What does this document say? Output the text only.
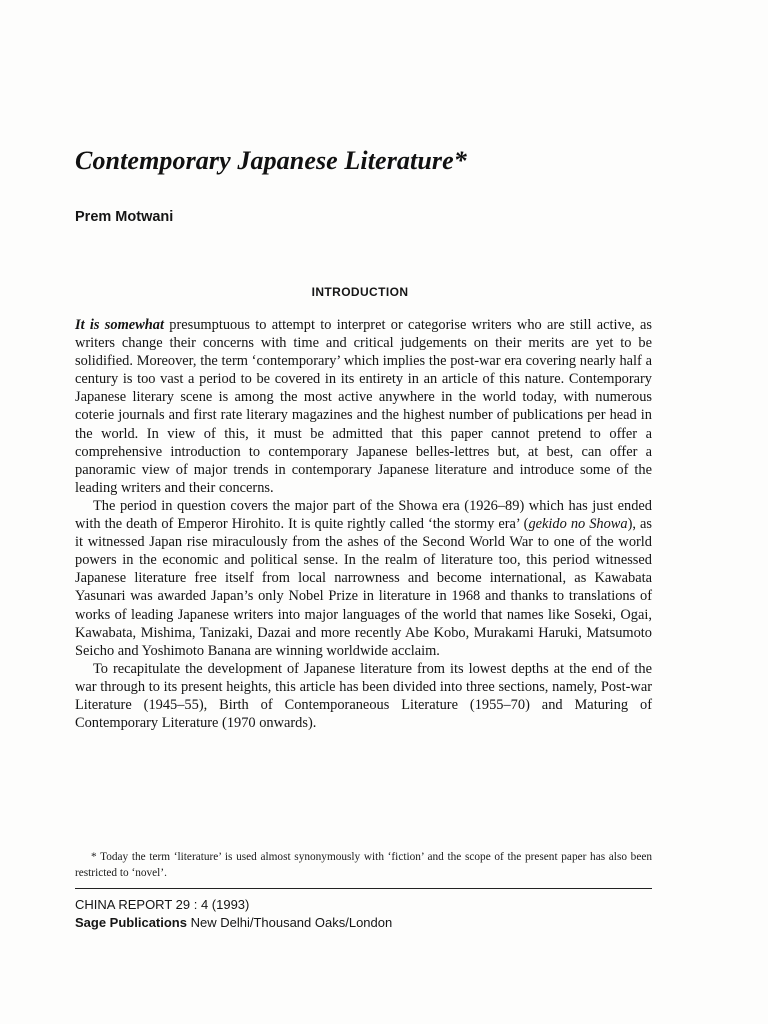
Contemporary Japanese Literature*

Prem Motwani

INTRODUCTION

It is somewhat presumptuous to attempt to interpret or categorise writers who are still active, as writers change their concerns with time and critical judgements on their merits are yet to be solidified. Moreover, the term ‘contemporary’ which implies the post-war era covering nearly half a century is too vast a period to be covered in its entirety in an article of this nature. Contemporary Japanese literary scene is among the most active anywhere in the world today, with numerous coterie journals and first rate literary magazines and the highest number of publications per head in the world. In view of this, it must be admitted that this paper cannot pretend to offer a comprehensive introduction to contemporary Japanese belles-lettres but, at best, can offer a panoramic view of major trends in contemporary Japanese literature and introduce some of the leading writers and their concerns.

The period in question covers the major part of the Showa era (1926–89) which has just ended with the death of Emperor Hirohito. It is quite rightly called ‘the stormy era’ (gekido no Showa), as it witnessed Japan rise miraculously from the ashes of the Second World War to one of the world powers in the economic and political sense. In the realm of literature too, this period witnessed Japanese literature free itself from local narrowness and become international, as Kawabata Yasunari was awarded Japan’s only Nobel Prize in literature in 1968 and thanks to translations of works of leading Japanese writers into major languages of the world that names like Soseki, Ogai, Kawabata, Mishima, Tanizaki, Dazai and more recently Abe Kobo, Murakami Haruki, Matsumoto Seicho and Yoshimoto Banana are winning worldwide acclaim.

To recapitulate the development of Japanese literature from its lowest depths at the end of the war through to its present heights, this article has been divided into three sections, namely, Post-war Literature (1945–55), Birth of Contemporaneous Literature (1955–70) and Maturing of Contemporary Literature (1970 onwards).

* Today the term ‘literature’ is used almost synonymously with ‘fiction’ and the scope of the present paper has also been restricted to ‘novel’.

CHINA REPORT 29 : 4 (1993)

Sage Publications New Delhi/Thousand Oaks/London
